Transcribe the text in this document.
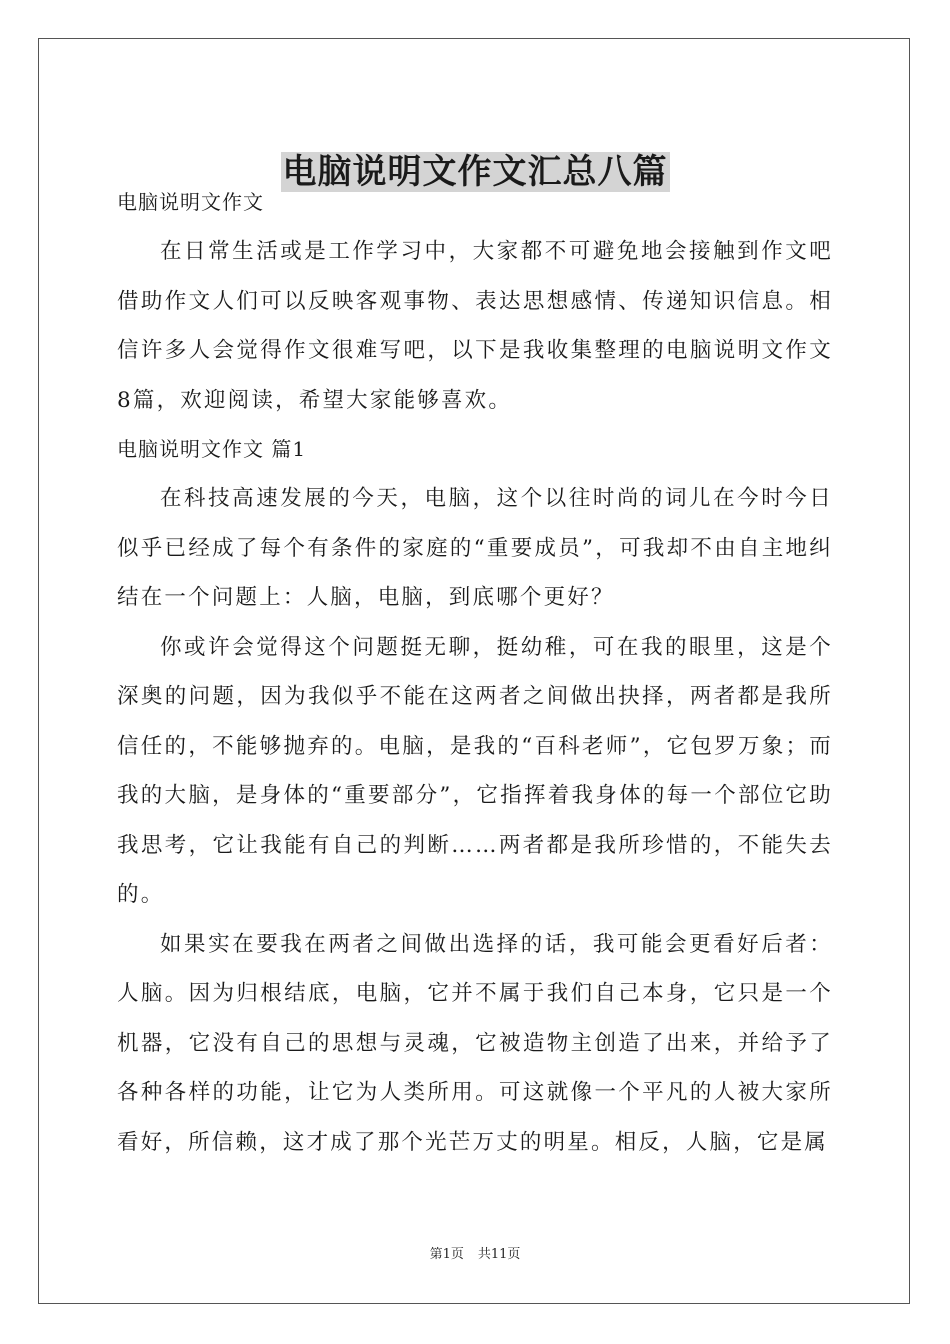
电脑说明文作文汇总八篇

电脑说明文作文

在日常生活或是工作学习中，大家都不可避免地会接触到作文吧借助作文人们可以反映客观事物、表达思想感情、传递知识信息。相信许多人会觉得作文很难写吧，以下是我收集整理的电脑说明文作文8篇，欢迎阅读，希望大家能够喜欢。

电脑说明文作文 篇1

在科技高速发展的今天，电脑，这个以往时尚的词儿在今时今日似乎已经成了每个有条件的家庭的“重要成员”，可我却不由自主地纠结在一个问题上：人脑，电脑，到底哪个更好？

你或许会觉得这个问题挺无聊，挺幼稚，可在我的眼里，这是个深奥的问题，因为我似乎不能在这两者之间做出抉择，两者都是我所信任的，不能够抛弃的。电脑，是我的“百科老师”，它包罗万象；而我的大脑，是身体的“重要部分”，它指挥着我身体的每一个部位它助我思考，它让我能有自己的判断……两者都是我所珍惜的，不能失去的。

如果实在要我在两者之间做出选择的话，我可能会更看好后者：人脑。因为归根结底，电脑，它并不属于我们自己本身，它只是一个机器，它没有自己的思想与灵魂，它被造物主创造了出来，并给予了各种各样的功能，让它为人类所用。可这就像一个平凡的人被大家所看好，所信赖，这才成了那个光芒万丈的明星。相反，人脑，它是属

第1页 共11页
